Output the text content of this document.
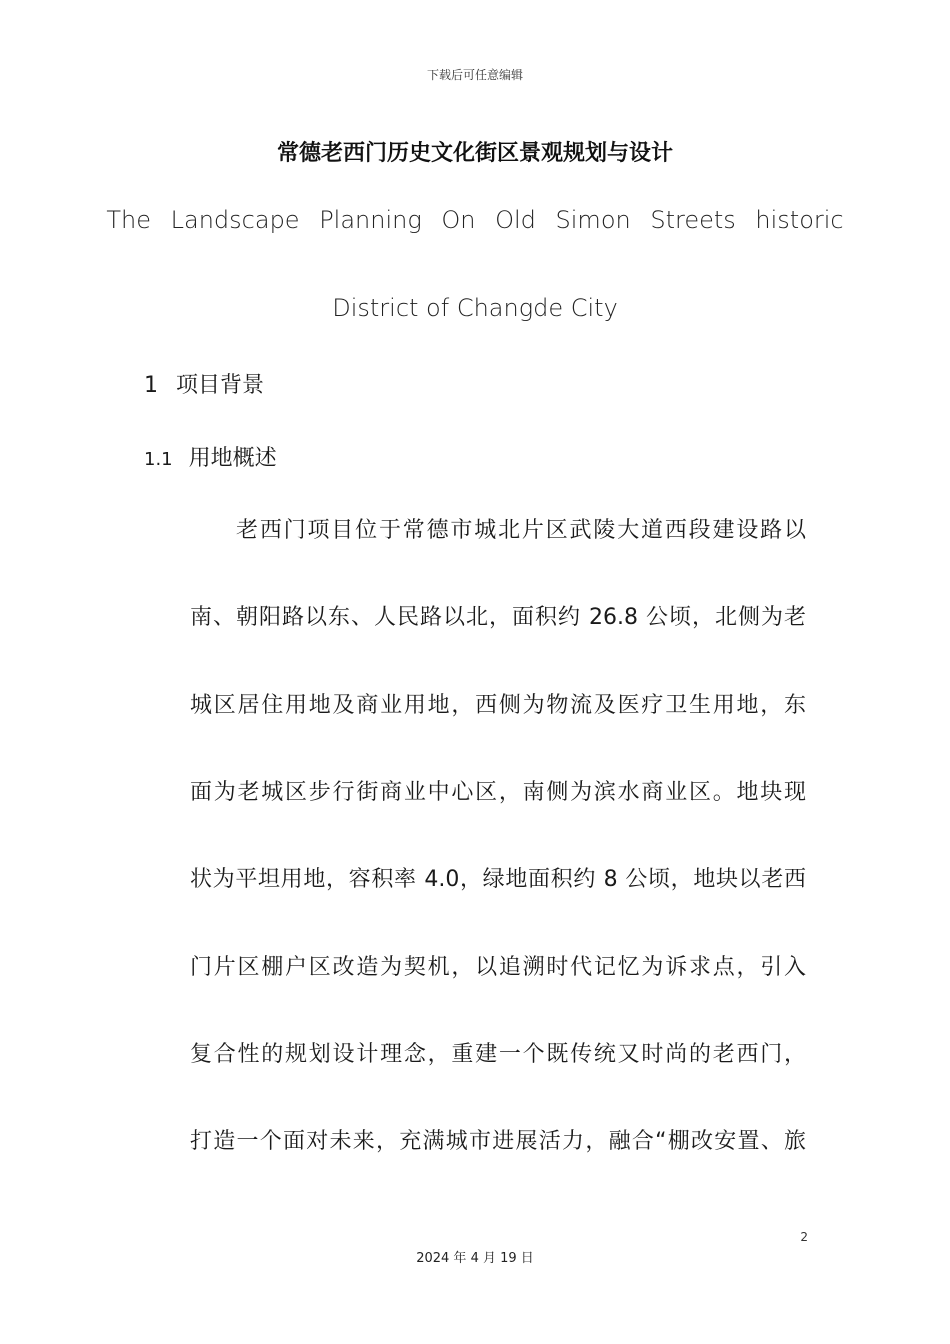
下载后可任意编辑
常德老西门历史文化街区景观规划与设计
The Landscape Planning On Old Simon Streets historic
District of Changde City
1 项目背景
1.1 用地概述
老西门项目位于常德市城北片区武陵大道西段建设路以
南、朝阳路以东、人民路以北，面积约 26.8 公顷，北侧为老
城区居住用地及商业用地，西侧为物流及医疗卫生用地，东
面为老城区步行街商业中心区，南侧为滨水商业区。地块现
状为平坦用地，容积率 4.0，绿地面积约 8 公顷，地块以老西
门片区棚户区改造为契机，以追溯时代记忆为诉求点，引入
复合性的规划设计理念，重建一个既传统又时尚的老西门，
打造一个面对未来，充满城市进展活力，融合“棚改安置、旅
2
2024 年 4 月 19 日
